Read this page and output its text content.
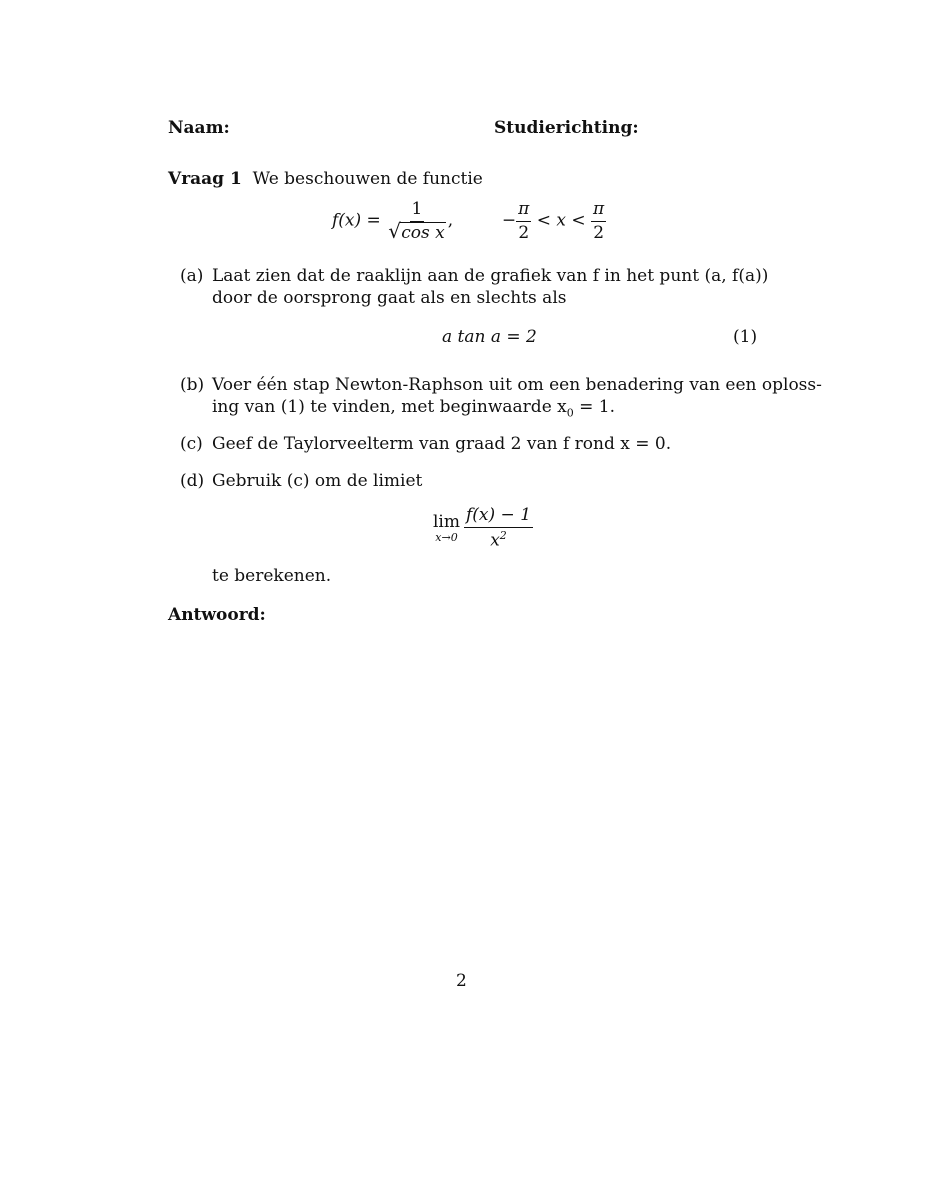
Naam:	Studierichting:
Vraag 1 We beschouwen de functie
$f(x) = \frac{1}{\text{√ cos x}}$ ,	− $\frac{\pi}{2} < x < \frac{\pi}{2}$
(a) Laat zien dat de raaklijn aan de grafiek van f in het punt (a, f(a))
door de oorsprong gaat als en slechts als
a tan a = 2	(1)
(b) Voer één stap Newton-Raphson uit om een benadering van een oploss-
ing van (1) te vinden, met beginwaarde $x_0 = 1$.
(c) Geef de Taylorveelterm van graad 2 van f rond x = 0.
(d) Gebruik (c) om de limiet
lim
$x\to 0 \frac{f(x) - 1}{x^2}$
te berekenen.
Antwoord:
2
